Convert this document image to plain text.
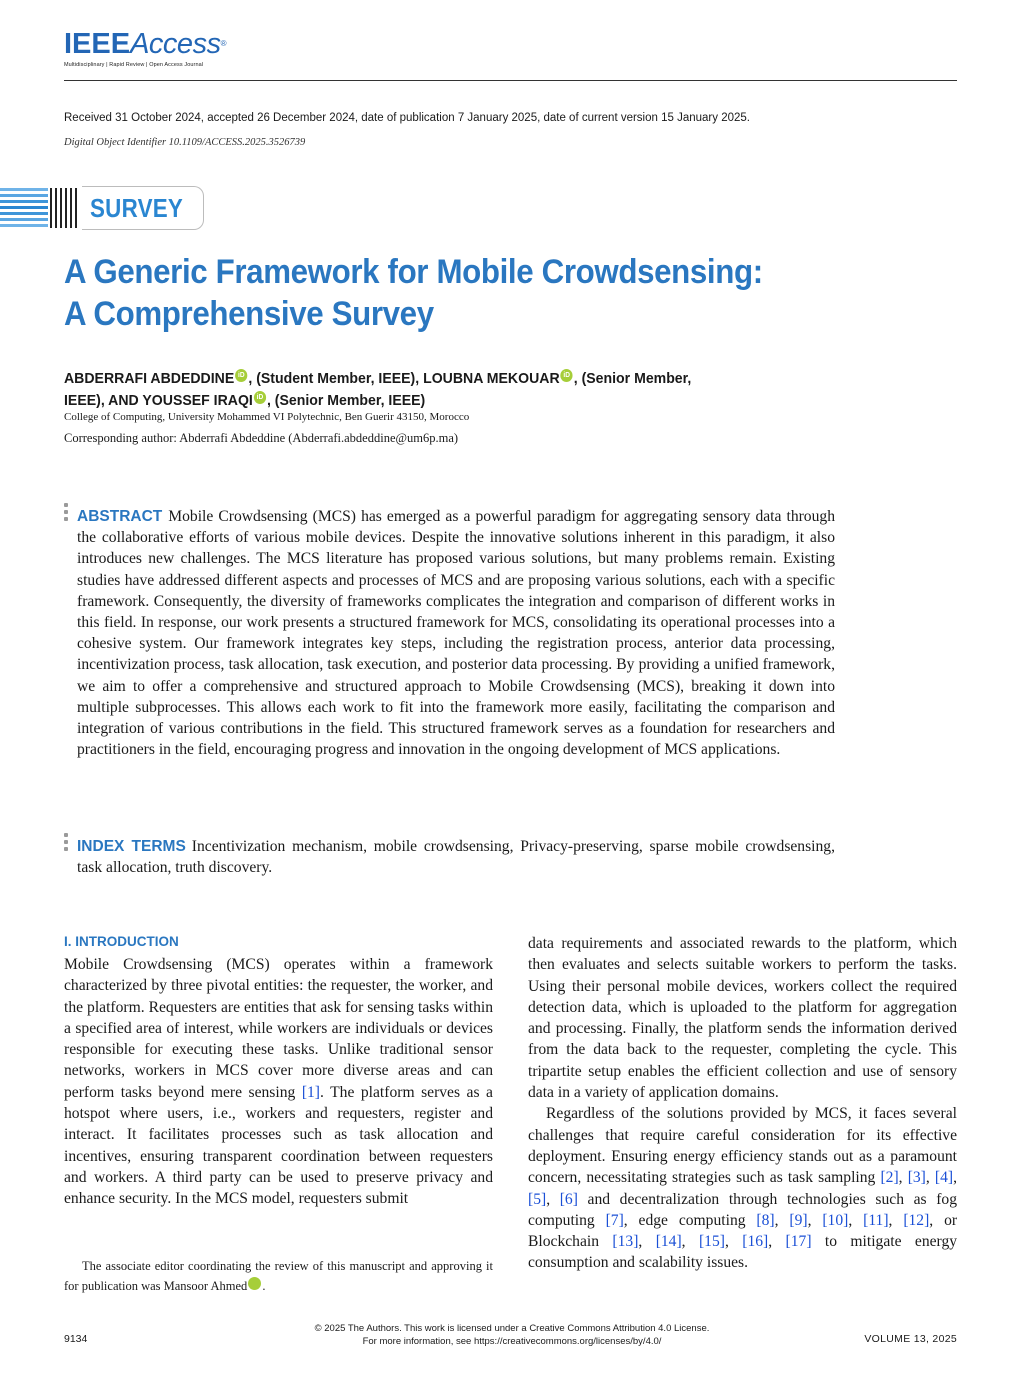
IEEEAccess®
Multidisciplinary | Rapid Review | Open Access Journal
Received 31 October 2024, accepted 26 December 2024, date of publication 7 January 2025, date of current version 15 January 2025.
Digital Object Identifier 10.1109/ACCESS.2025.3526739
SURVEY
A Generic Framework for Mobile Crowdsensing:
A Comprehensive Survey
ABDERRAFI ABDEDDINE iD , (Student Member, IEEE), LOUBNA MEKOUAR iD , (Senior Member,
IEEE), AND YOUSSEF IRAQI iD , (Senior Member, IEEE)
College of Computing, University Mohammed VI Polytechnic, Ben Guerir 43150, Morocco
Corresponding author: Abderrafi Abdeddine (Abderrafi.abdeddine@um6p.ma)
ABSTRACT Mobile Crowdsensing (MCS) has emerged as a powerful paradigm for aggregating sensory data through the collaborative efforts of various mobile devices. Despite the innovative solutions inherent in this paradigm, it also introduces new challenges. The MCS literature has proposed various solutions, but many problems remain. Existing studies have addressed different aspects and processes of MCS and are proposing various solutions, each with a specific framework. Consequently, the diversity of frameworks complicates the integration and comparison of different works in this field. In response, our work presents a structured framework for MCS, consolidating its operational processes into a cohesive system. Our framework integrates key steps, including the registration process, anterior data processing, incentivization process, task allocation, task execution, and posterior data processing. By providing a unified framework, we aim to offer a comprehensive and structured approach to Mobile Crowdsensing (MCS), breaking it down into multiple subprocesses. This allows each work to fit into the framework more easily, facilitating the comparison and integration of various contributions in the field. This structured framework serves as a foundation for researchers and practitioners in the field, encouraging progress and innovation in the ongoing development of MCS applications.
INDEX TERMS Incentivization mechanism, mobile crowdsensing, Privacy-preserving, sparse mobile crowdsensing, task allocation, truth discovery.
I. INTRODUCTION

Mobile Crowdsensing (MCS) operates within a framework characterized by three pivotal entities: the requester, the worker, and the platform. Requesters are entities that ask for sensing tasks within a specified area of interest, while workers are individuals or devices responsible for executing these tasks. Unlike traditional sensor networks, workers in MCS cover more diverse areas and can perform tasks beyond mere sensing [1]. The platform serves as a hotspot where users, i.e., workers and requesters, register and interact. It facilitates processes such as task allocation and incentives, ensuring transparent coordination between requesters and workers. A third party can be used to preserve privacy and enhance security. In the MCS model, requesters submit

data requirements and associated rewards to the platform, which then evaluates and selects suitable workers to perform the tasks. Using their personal mobile devices, workers collect the required detection data, which is uploaded to the platform for aggregation and processing. Finally, the platform sends the information derived from the data back to the requester, completing the cycle. This tripartite setup enables the efficient collection and use of sensory data in a variety of application domains.

Regardless of the solutions provided by MCS, it faces several challenges that require careful consideration for its effective deployment. Ensuring energy efficiency stands out as a paramount concern, necessitating strategies such as task sampling [2], [3], [4], [5], [6] and decentralization through technologies such as fog computing [7], edge computing [8], [9], [10], [11], [12], or Blockchain [13], [14], [15], [16], [17] to mitigate energy consumption and scalability issues.

The associate editor coordinating the review of this manuscript and approving it for publication was Mansoor Ahmed	iD.
© 2025 The Authors. This work is licensed under a Creative Commons Attribution 4.0 License.
For more information, see https://creativecommons.org/licenses/by/4.0/
9134	VOLUME 13, 2025
